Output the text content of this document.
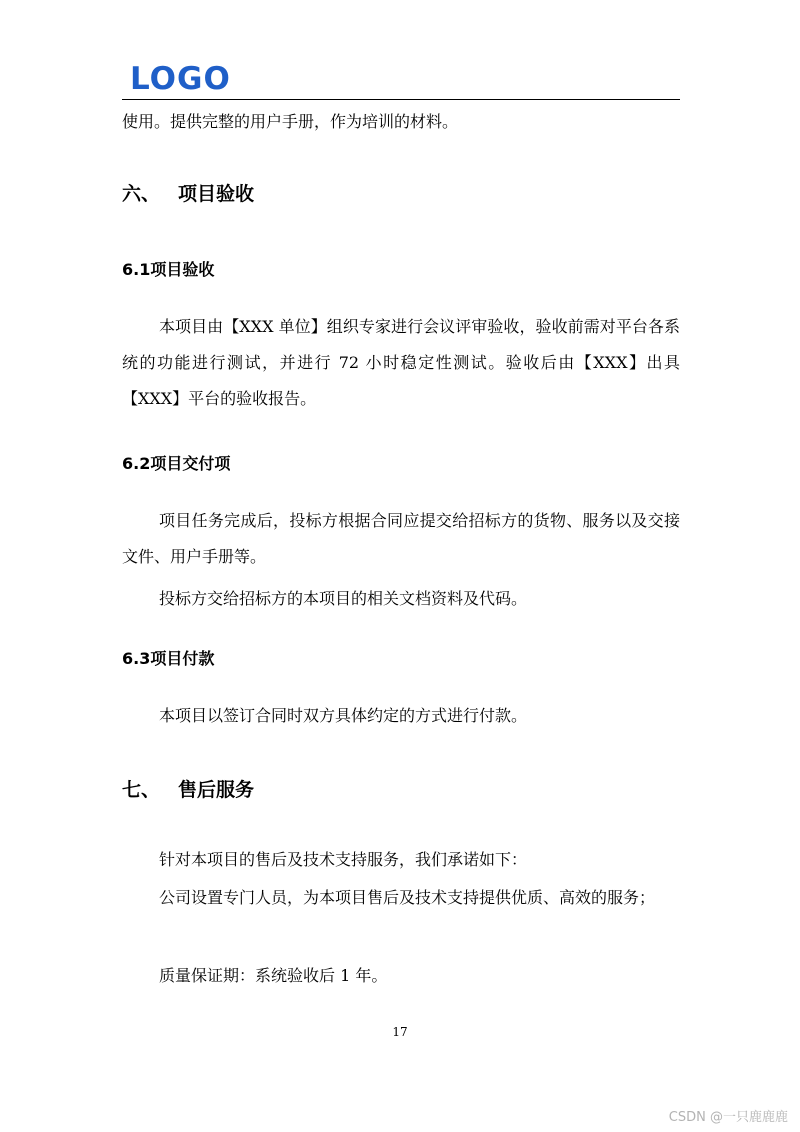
LOGO

使用。提供完整的用户手册，作为培训的材料。

六、 项目验收
6.1项目验收

本项目由【XXX 单位】组织专家进行会议评审验收，验收前需对平台各系统的功能进行测试，并进行 72 小时稳定性测试。验收后由【XXX】出具【XXX】平台的验收报告。

6.2项目交付项

项目任务完成后，投标方根据合同应提交给招标方的货物、服务以及交接文件、用户手册等。

投标方交给招标方的本项目的相关文档资料及代码。

6.3项目付款

本项目以签订合同时双方具体约定的方式进行付款。

七、 售后服务

针对本项目的售后及技术支持服务，我们承诺如下：

公司设置专门人员，为本项目售后及技术支持提供优质、高效的服务；

质量保证期：系统验收后 1 年。

17
CSDN @一只鹿鹿鹿
